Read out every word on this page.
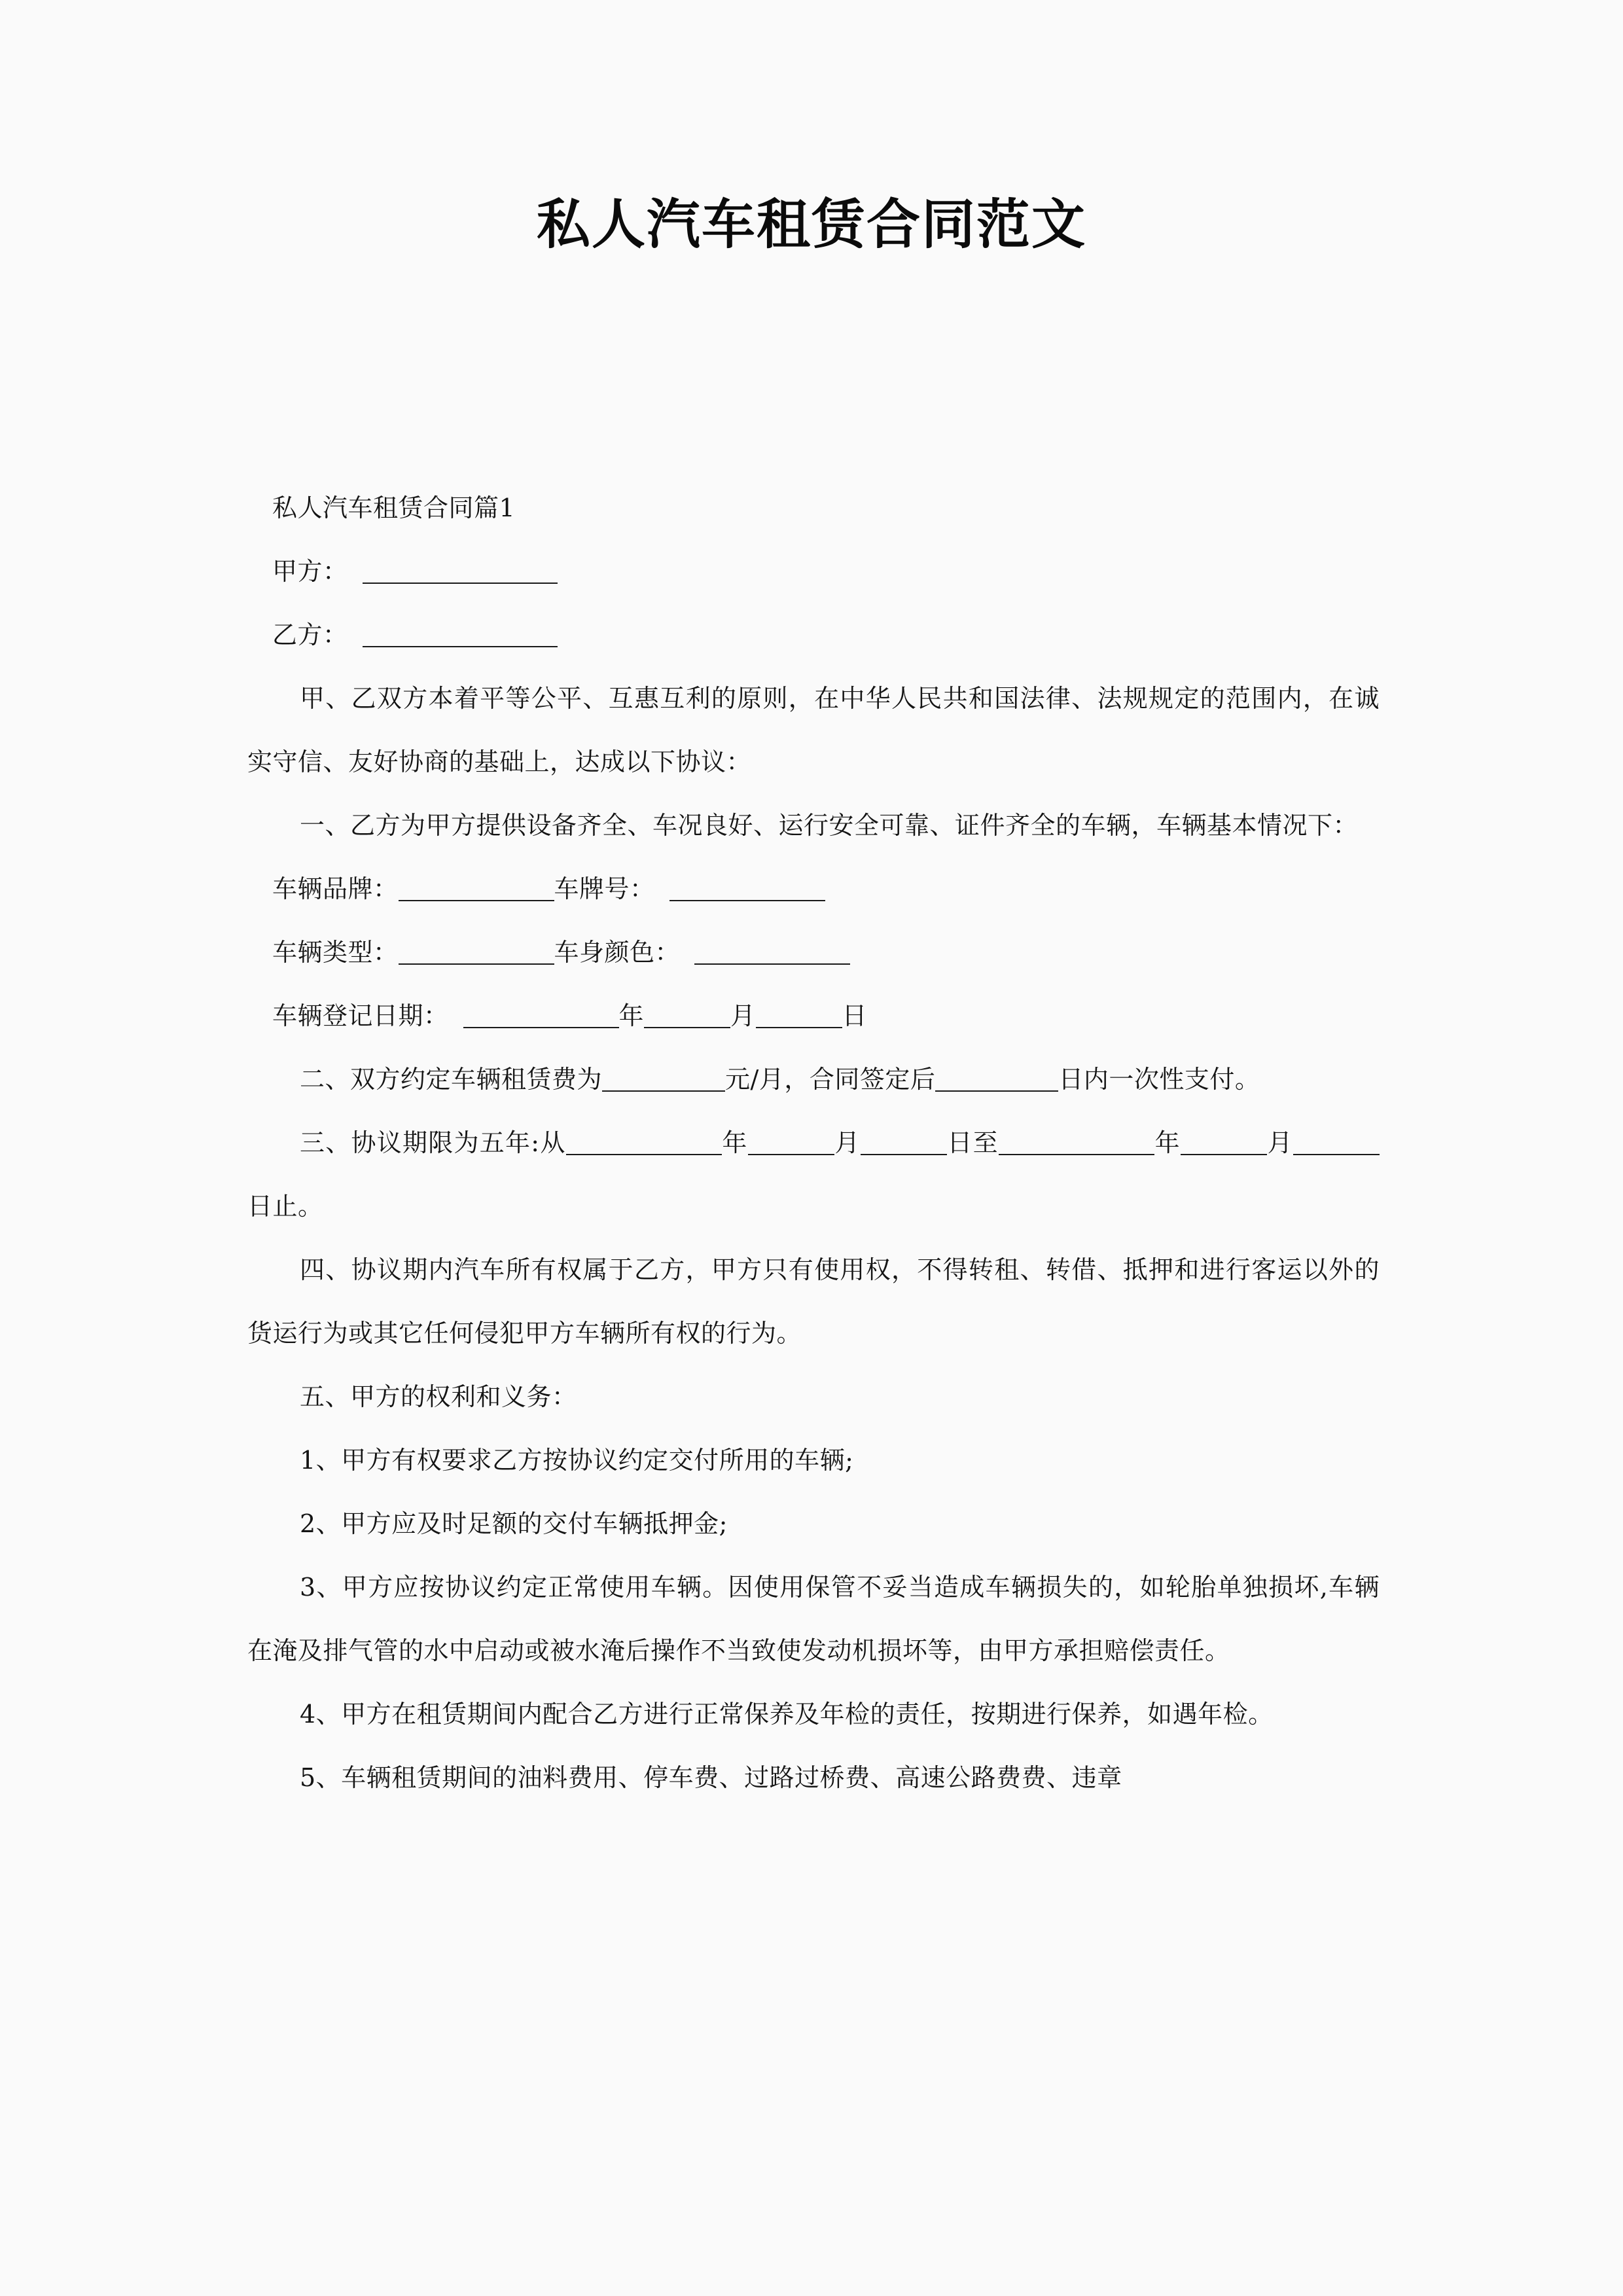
私人汽车租赁合同范文

私人汽车租赁合同篇1

甲方：

乙方：

甲、乙双方本着平等公平、互惠互利的原则，在中华人民共和国法律、法规规定的范围内，在诚实守信、友好协商的基础上，达成以下协议：

一、乙方为甲方提供设备齐全、车况良好、运行安全可靠、证件齐全的车辆，车辆基本情况下：

车辆品牌：	车牌号：

车辆类型：	车身颜色：

车辆登记日期：	年	月	日

二、双方约定车辆租赁费为	元/月，合同签定后	日内一次性支付。

三、协议期限为五年:从	年	月	日至	年	月日止。

四、协议期内汽车所有权属于乙方，甲方只有使用权，不得转租、转借、抵押和进行客运以外的货运行为或其它任何侵犯甲方车辆所有权的行为。

五、甲方的权利和义务：

1、甲方有权要求乙方按协议约定交付所用的车辆;

2、甲方应及时足额的交付车辆抵押金;

3、甲方应按协议约定正常使用车辆。因使用保管不妥当造成车辆损失的，如轮胎单独损坏,车辆在淹及排气管的水中启动或被水淹后操作不当致使发动机损坏等，由甲方承担赔偿责任。

4、甲方在租赁期间内配合乙方进行正常保养及年检的责任，按期进行保养，如遇年检。

5、车辆租赁期间的油料费用、停车费、过路过桥费、高速公路费费、违章
